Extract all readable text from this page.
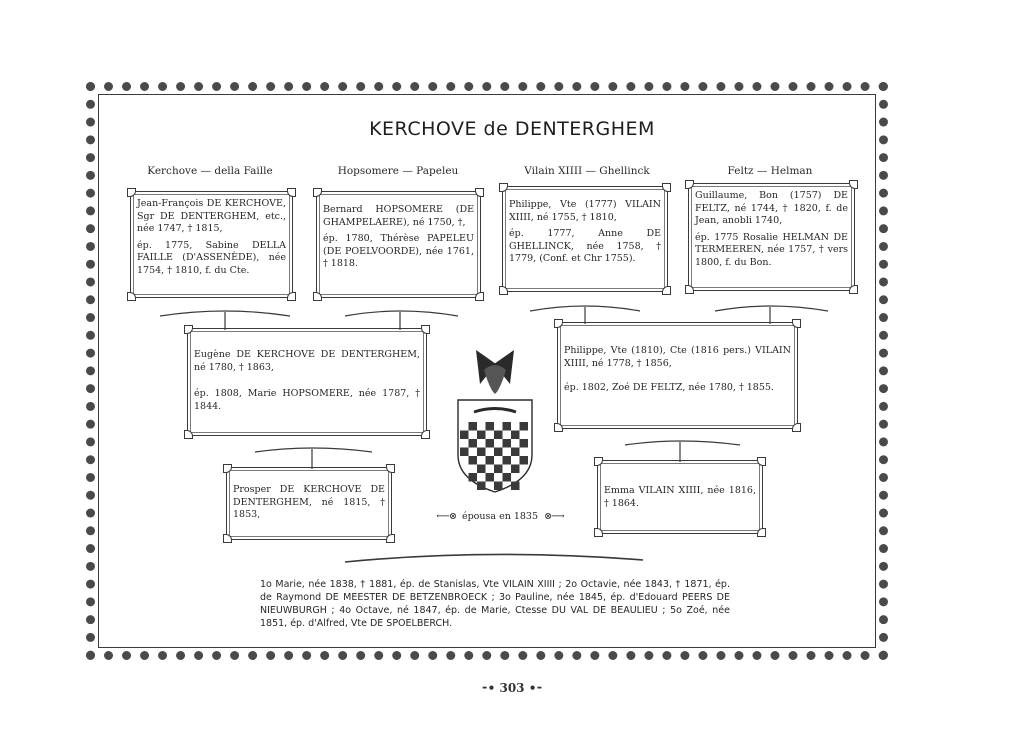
KERCHOVE de DENTERGHEM
Kerchove — della Faille	Hopsomere — Papeleu	Vilain XIIII — Ghellinck	Feltz — Helman

Jean-François DE KERCHOVE, Sgr DE DENTERGHEM, etc., née 1747, † 1815,

ép. 1775, Sabine DELLA FAILLE (D'ASSENÈDE), née 1754, † 1810, f. du Cte.

Bernard HOPSOMERE (DE GHAMPELAERE), né 1750, †,

ép. 1780, Thérèse PAPELEU (DE POELVOORDE), née 1761, † 1818.

Philippe, Vte (1777) VILAIN XIIII, né 1755, † 1810,

ép. 1777, Anne DE GHELLINCK, née 1758, † 1779, (Conf. et Chr 1755).

Guillaume, Bon (1757) DE FELTZ, né 1744, † 1820, f. de Jean, anobli 1740,

ép. 1775 Rosalie HELMAN DE TERMEEREN, née 1757, † vers 1800, f. du Bon.

Eugène DE KERCHOVE DE DENTERGHEM, né 1780, † 1863,

ép. 1808, Marie HOPSOMERE, née 1787, † 1844.

Philippe, Vte (1810), Cte (1816 pers.) VILAIN XIIII, né 1778, † 1856,

ép. 1802, Zoé DE FELTZ, née 1780, † 1855.

Prosper DE KERCHOVE DE DENTERGHEM, né 1815, † 1853,

Emma VILAIN XIIII, née 1816, † 1864.

⟵⊗ épousa en 1835 ⊗⟶
1o Marie, née 1838, † 1881, ép. de Stanislas, Vte VILAIN XIIII ; 2o Octavie, née 1843, † 1871, ép. de Raymond DE MEESTER DE BETZENBROECK ; 3o Pauline, née 1845, ép. d'Edouard PEERS DE NIEUWBURGH ; 4o Octave, né 1847, ép. de Marie, Ctesse DU VAL DE BEAULIEU ; 5o Zoé, née 1851, ép. d'Alfred, Vte DE SPOELBERCH.
⁃• 303 •⁃
